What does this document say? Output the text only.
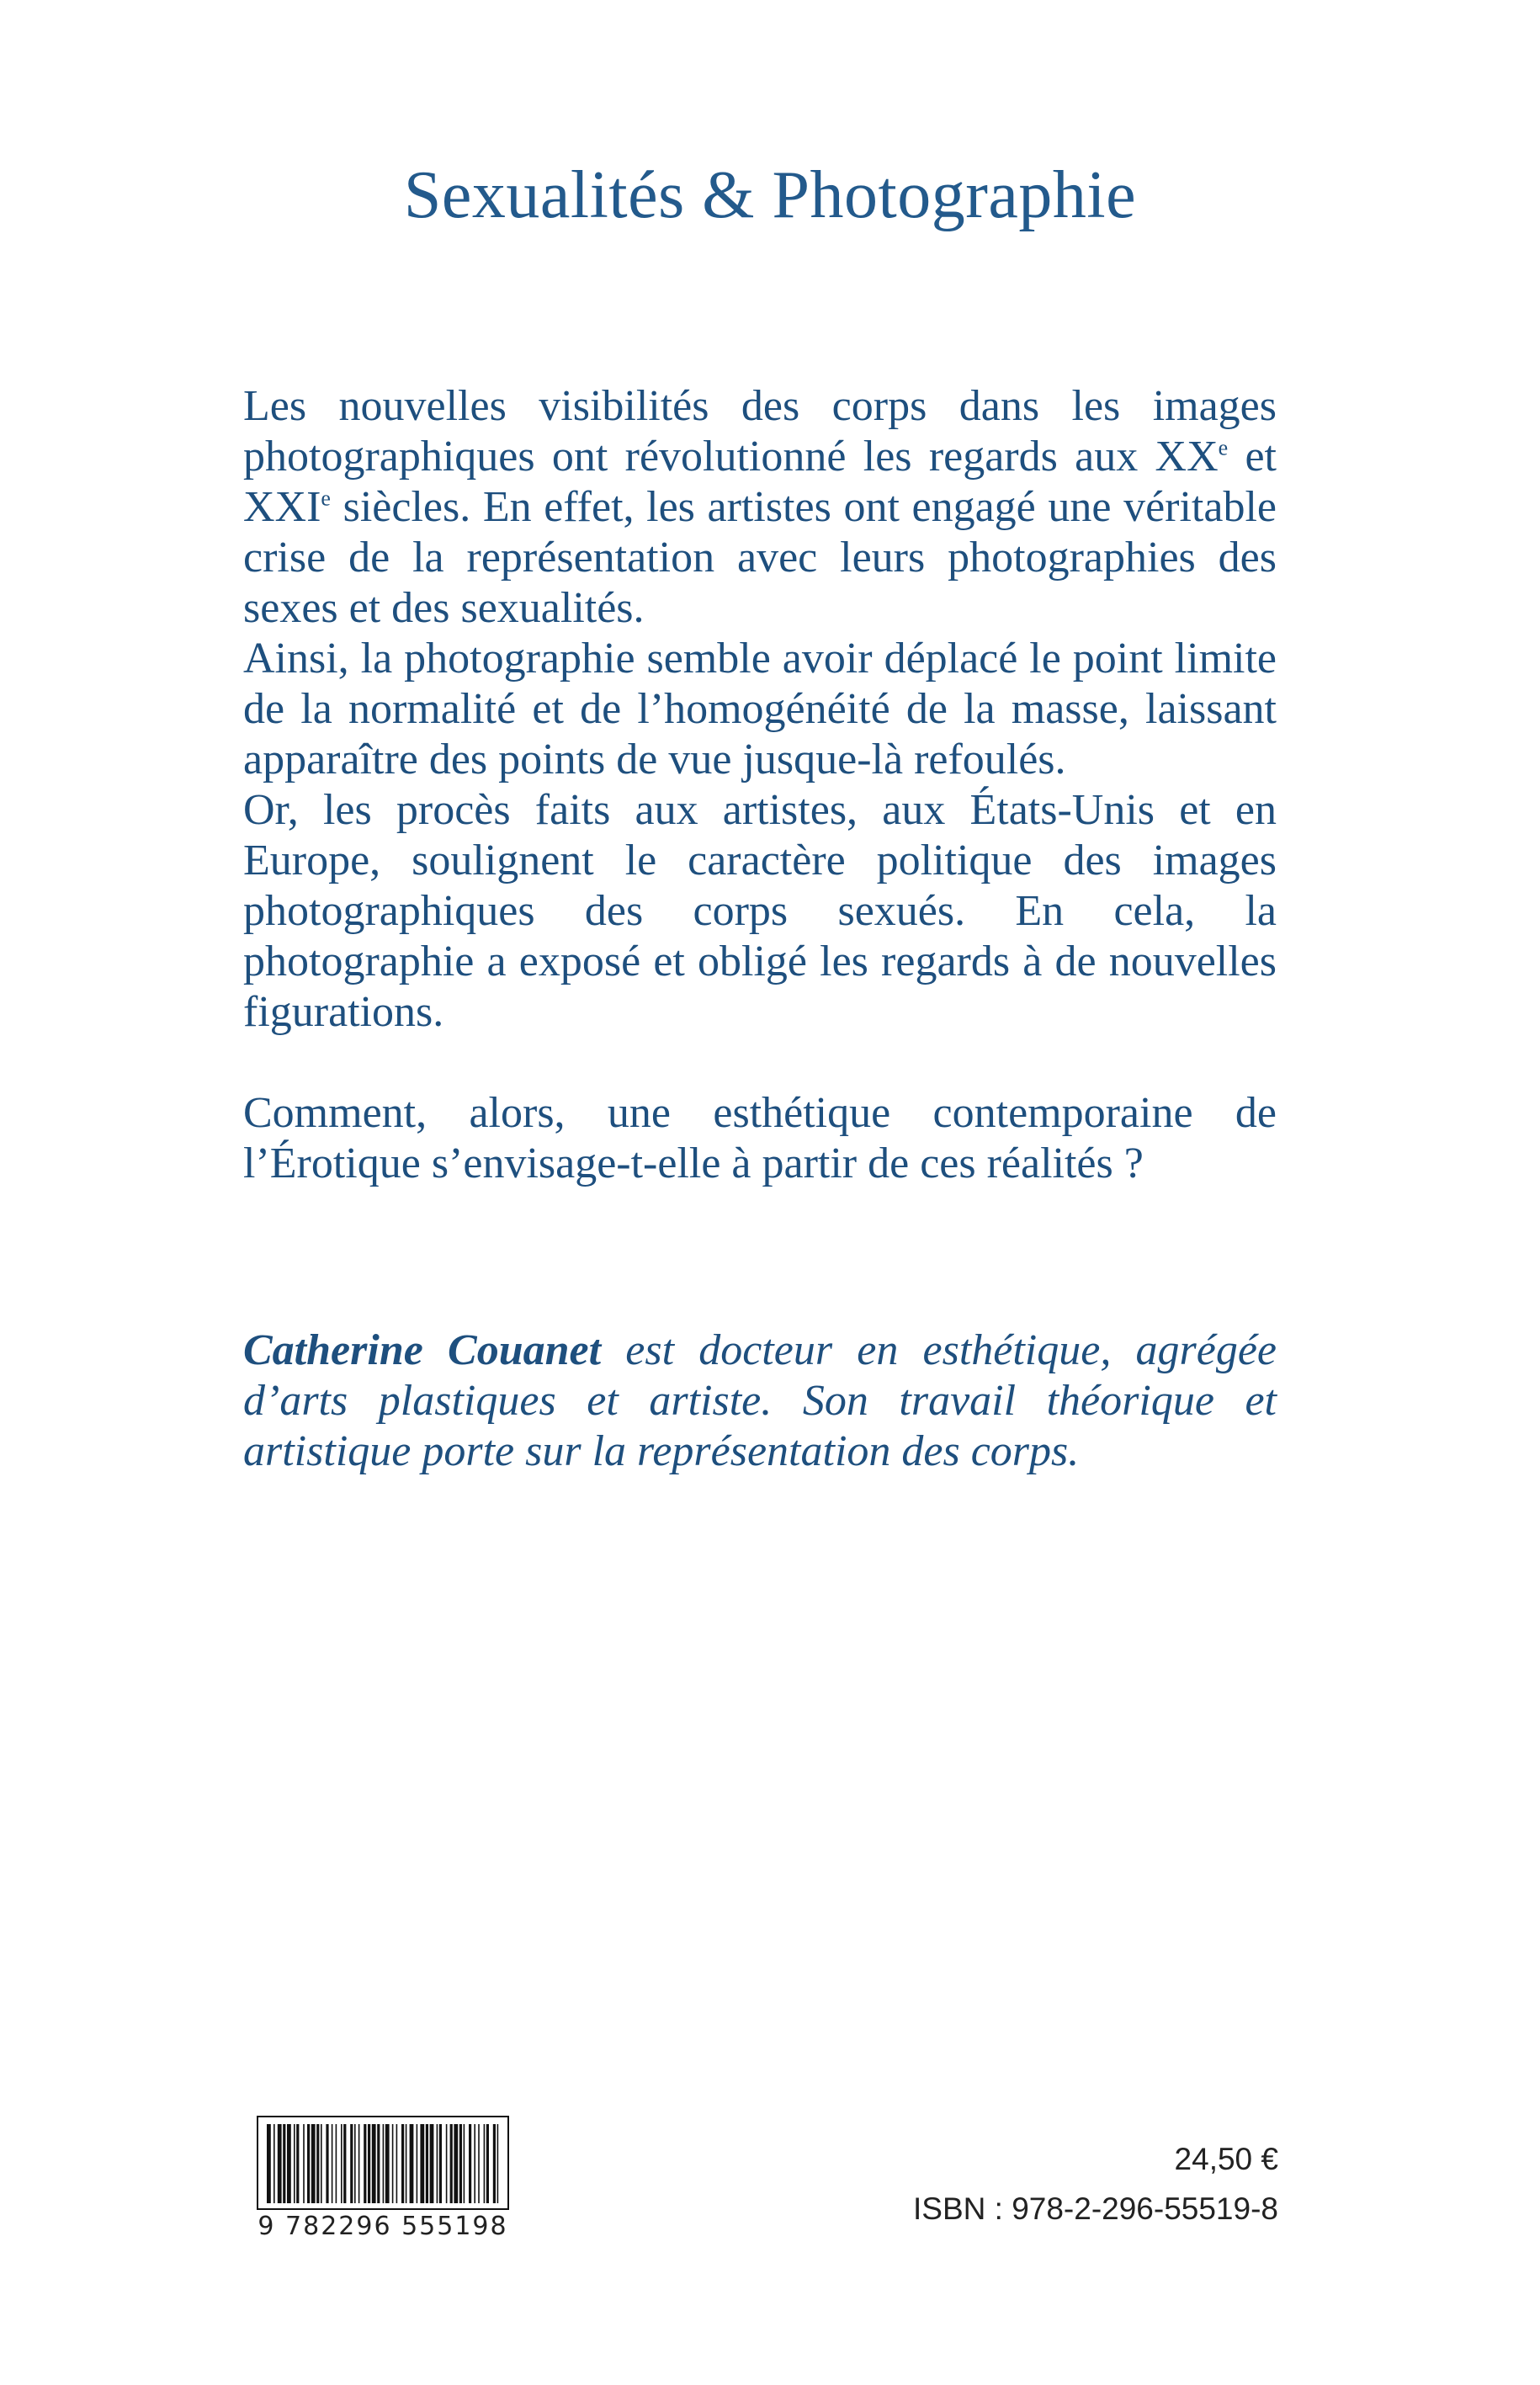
Sexualités & Photographie

Les nouvelles visibilités des corps dans les images photographiques ont révolutionné les regards aux XXe et XXIe siècles. En effet, les artistes ont engagé une véritable crise de la représentation avec leurs photographies des sexes et des sexualités.

Ainsi, la photographie semble avoir déplacé le point limite de la normalité et de l’homogénéité de la masse, laissant apparaître des points de vue jusque-là refoulés.

Or, les procès faits aux artistes, aux États-Unis et en Europe, soulignent le caractère politique des images photographiques des corps sexués. En cela, la photographie a exposé et obligé les regards à de nouvelles figurations.

Comment, alors, une esthétique contemporaine de l’Érotique s’envisage-t-elle à partir de ces réalités ?

Catherine Couanet est docteur en esthétique, agrégée d’arts plastiques et artiste. Son travail théorique et artistique porte sur la représentation des corps.
9 782296 555198
24,50 €
ISBN : 978-2-296-55519-8
